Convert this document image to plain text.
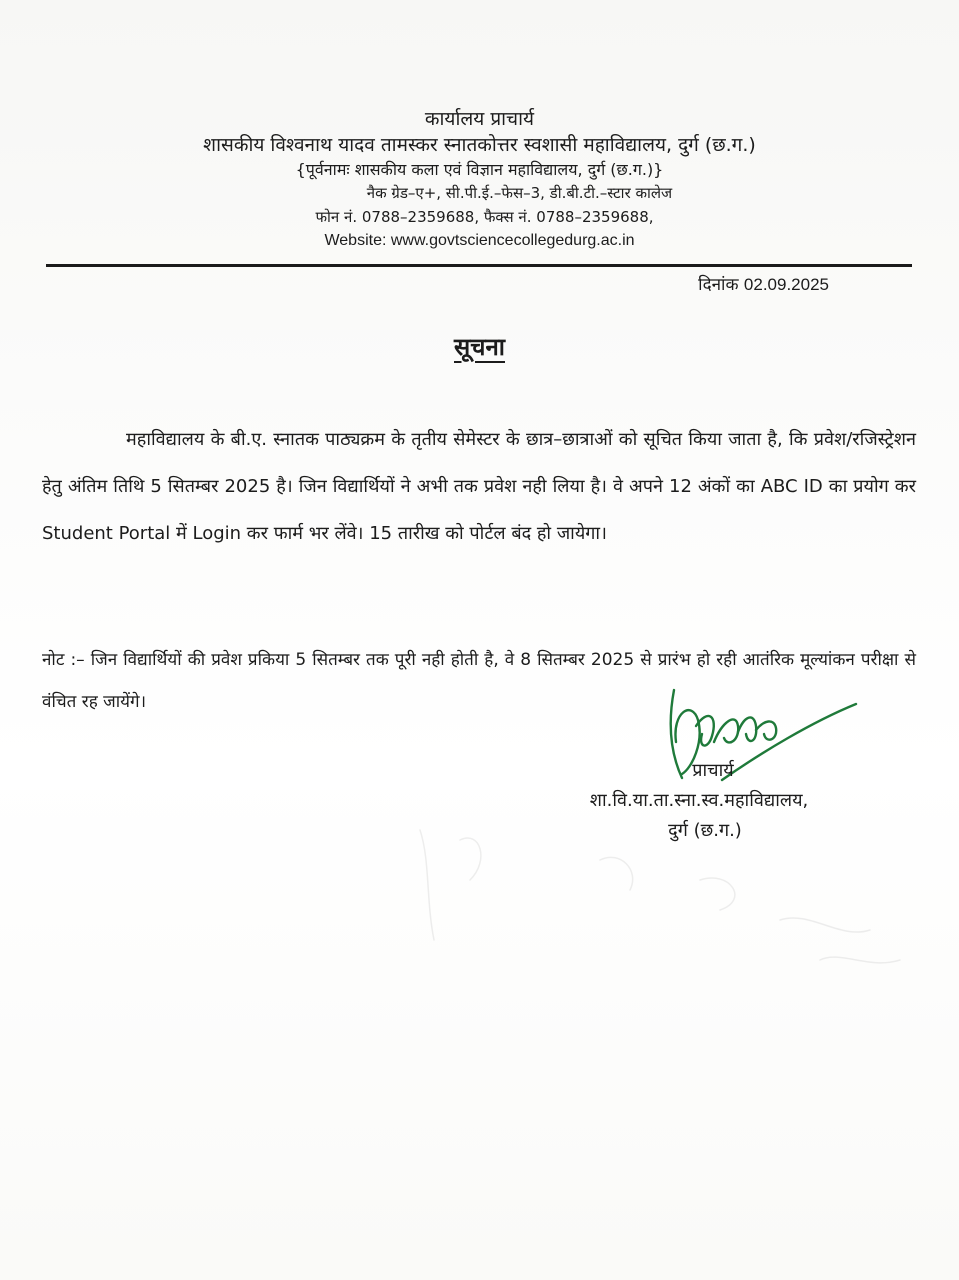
कार्यालय प्राचार्य
शासकीय विश्वनाथ यादव तामस्कर स्नातकोत्तर स्वशासी महाविद्यालय, दुर्ग (छ.ग.)
{पूर्वनामः शासकीय कला एवं विज्ञान महाविद्यालय, दुर्ग (छ.ग.)}
नैक ग्रेड–ए+, सी.पी.ई.–फेस–3, डी.बी.टी.–स्टार कालेज
फोन नं. 0788–2359688, फैक्स नं. 0788–2359688,
Website: www.govtsciencecollegedurg.ac.in
दिनांक 02.09.2025
सूचना

महाविद्यालय के बी.ए. स्नातक पाठ्यक्रम के तृतीय सेमेस्टर के छात्र–छात्राओं को सूचित किया जाता है, कि प्रवेश/रजिस्ट्रेशन हेतु अंतिम तिथि 5 सितम्बर 2025 है। जिन विद्यार्थियों ने अभी तक प्रवेश नही लिया है। वे अपने 12 अंकों का ABC ID का प्रयोग कर Student Portal में Login कर फार्म भर लेंवे। 15 तारीख को पोर्टल बंद हो जायेगा।

नोट :– जिन विद्यार्थियों की प्रवेश प्रकिया 5 सितम्बर तक पूरी नही होती है, वे 8 सितम्बर 2025 से प्रारंभ हो रही आतंरिक मूल्यांकन परीक्षा से वंचित रह जायेंगे।

प्राचार्य
शा.वि.या.ता.स्ना.स्व.महाविद्यालय,
दुर्ग (छ.ग.)
